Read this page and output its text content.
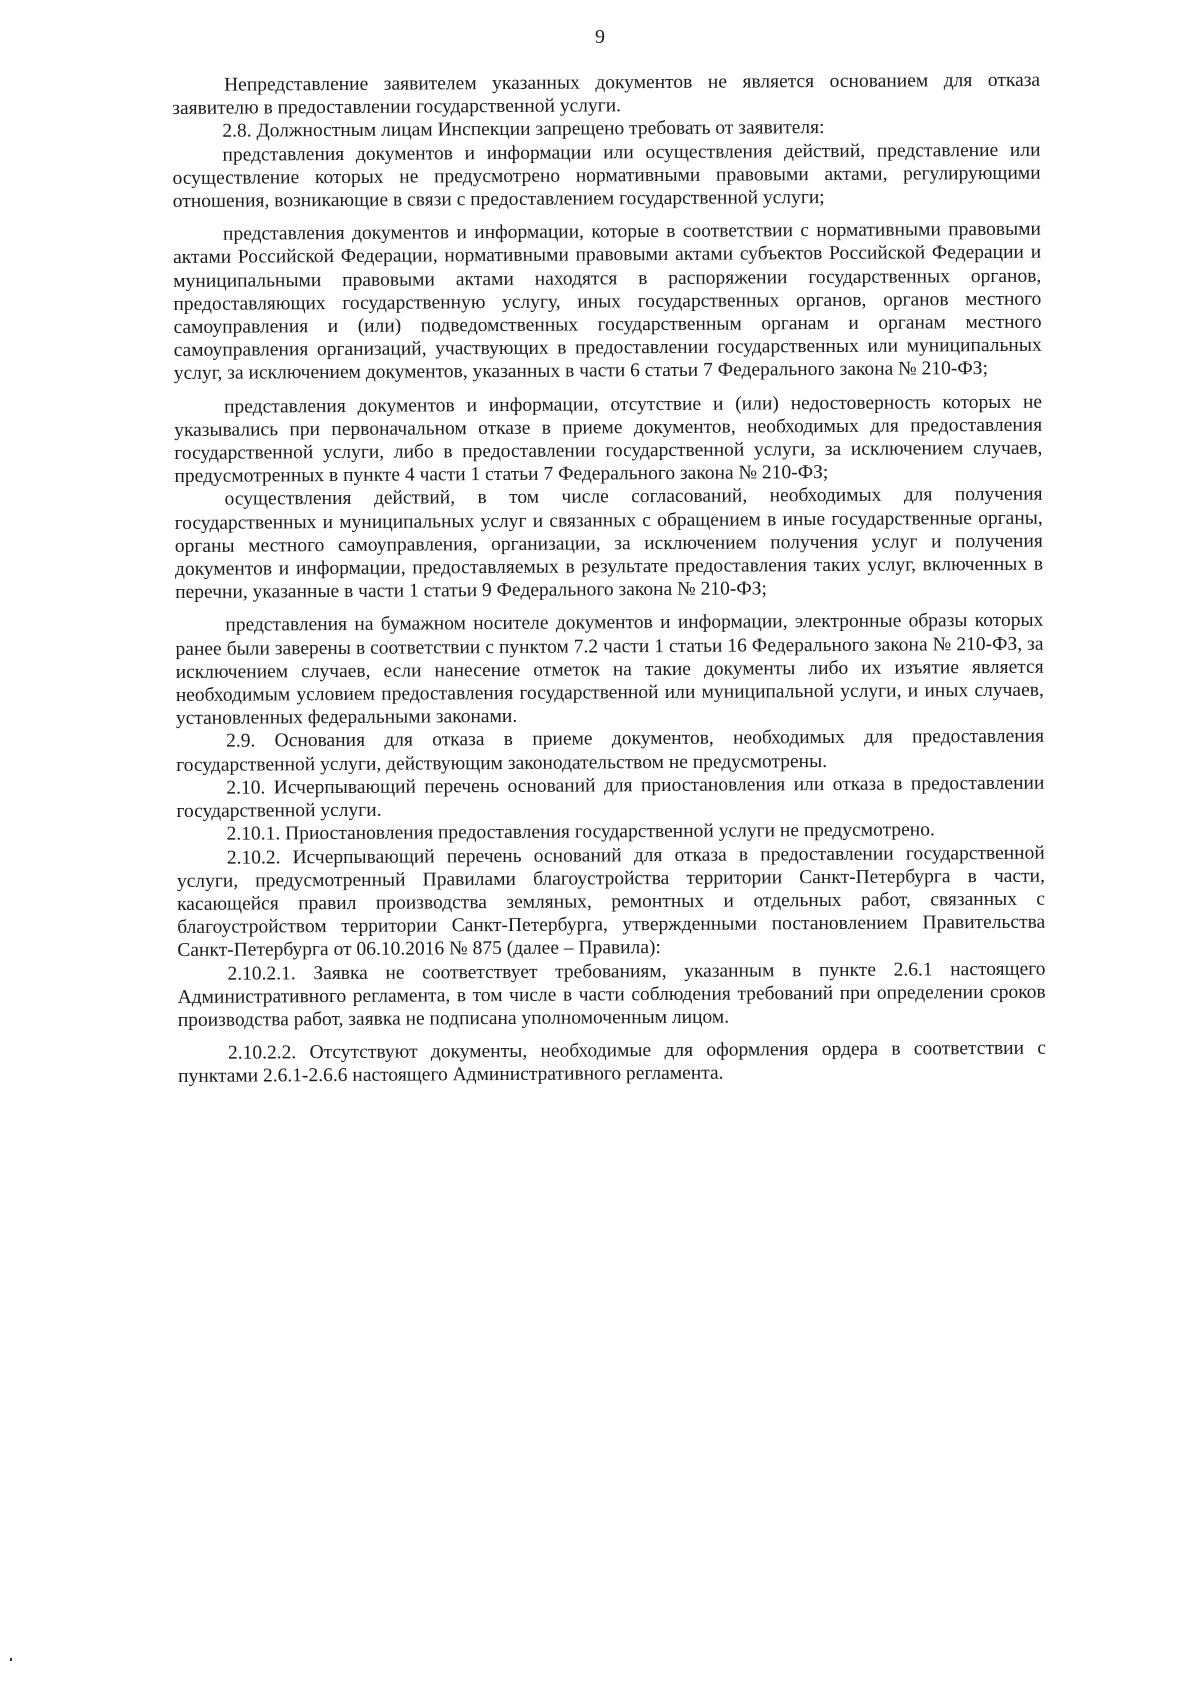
9

Непредставление заявителем указанных документов не является основанием для отказа заявителю в предоставлении государственной услуги.

2.8. Должностным лицам Инспекции запрещено требовать от заявителя:

представления документов и информации или осуществления действий, представление или осуществление которых не предусмотрено нормативными правовыми актами, регулирующими отношения, возникающие в связи с предоставлением государственной услуги;

представления документов и информации, которые в соответствии с нормативными правовыми актами Российской Федерации, нормативными правовыми актами субъектов Российской Федерации и муниципальными правовыми актами находятся в распоряжении государственных органов, предоставляющих государственную услугу, иных государственных органов, органов местного самоуправления и (или) подведомственных государственным органам и органам местного самоуправления организаций, участвующих в предоставлении государственных или муниципальных услуг, за исключением документов, указанных в части 6 статьи 7 Федерального закона № 210-ФЗ;

представления документов и информации, отсутствие и (или) недостоверность которых не указывались при первоначальном отказе в приеме документов, необходимых для предоставления государственной услуги, либо в предоставлении государственной услуги, за исключением случаев, предусмотренных в пункте 4 части 1 статьи 7 Федерального закона № 210-ФЗ;

осуществления действий, в том числе согласований, необходимых для получения государственных и муниципальных услуг и связанных с обращением в иные государственные органы, органы местного самоуправления, организации, за исключением получения услуг и получения документов и информации, предоставляемых в результате предоставления таких услуг, включенных в перечни, указанные в части 1 статьи 9 Федерального закона № 210-ФЗ;

представления на бумажном носителе документов и информации, электронные образы которых ранее были заверены в соответствии с пунктом 7.2 части 1 статьи 16 Федерального закона № 210-ФЗ, за исключением случаев, если нанесение отметок на такие документы либо их изъятие является необходимым условием предоставления государственной или муниципальной услуги, и иных случаев, установленных федеральными законами.

2.9. Основания для отказа в приеме документов, необходимых для предоставления государственной услуги, действующим законодательством не предусмотрены.

2.10. Исчерпывающий перечень оснований для приостановления или отказа в предоставлении государственной услуги.

2.10.1. Приостановления предоставления государственной услуги не предусмотрено.

2.10.2. Исчерпывающий перечень оснований для отказа в предоставлении государственной услуги, предусмотренный Правилами благоустройства территории Санкт-Петербурга в части, касающейся правил производства земляных, ремонтных и отдельных работ, связанных с благоустройством территории Санкт-Петербурга, утвержденными постановлением Правительства Санкт-Петербурга от 06.10.2016 № 875 (далее – Правила):

2.10.2.1. Заявка не соответствует требованиям, указанным в пункте 2.6.1 настоящего Административного регламента, в том числе в части соблюдения требований при определении сроков производства работ, заявка не подписана уполномоченным лицом.

2.10.2.2. Отсутствуют документы, необходимые для оформления ордера в соответствии с пунктами 2.6.1-2.6.6 настоящего Административного регламента.
